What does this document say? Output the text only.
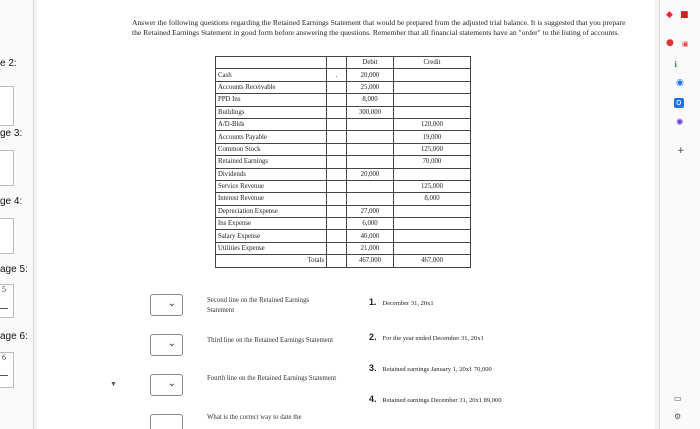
e 2:
ge 3:
ge 4:
age 5:
5
age 6:
6
Answer the following questions regarding the Retained Earnings Statement that would be prepared from the adjusted trial balance. It is suggested that you prepare the Retained Earnings Statement in good form before answering the questions. Remember that all financial statements have an "order" to the listing of accounts.
		Debit	Credit
Cash	.	20,000	
Accounts Receivable		25,000	
PPD Ins		8,000	
Buildings		300,000	
A/D-Blds			120,000
Accounts Payable			19,000
Common Stock			125,000
Retained Earnings			70,000
Dividends		20,000	
Service Revenue			125,000
Interest Revenue			8,000
Depreciation Expense		27,000	
Ins Expense		6,000	
Salary Expense		40,000	
Utilities Expense		21,000	
Totals		467,000	467,000
⌄
⌄
⌄
▼
Second line on the Retained Earnings Statement
Third line on the Retained Earnings Statement
Fourth line on the Retained Earnings Statement
What is the correct way to date the
1. December 31, 20x1
2. For the year ended December 31, 20x1
3. Retained earnings January 1, 20x1 70,000
4. Retained earnings December 31, 20x1 89,000
◆ ■
● ▣
ℹ
◉
o
✺
+
▭
⚙
